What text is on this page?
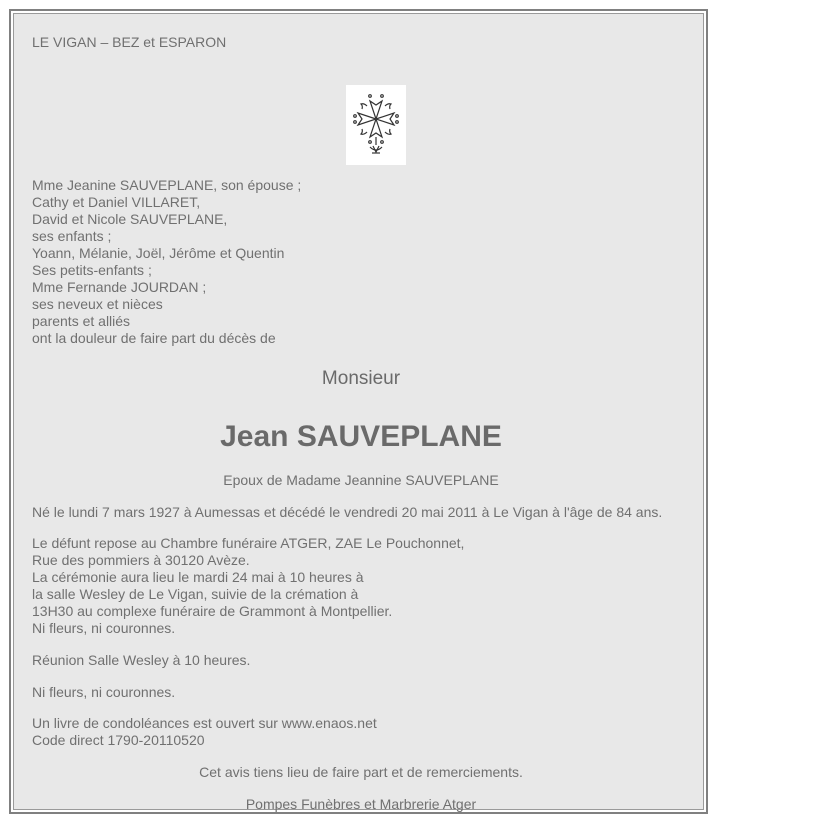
LE VIGAN – BEZ et ESPARON
Mme Jeanine SAUVEPLANE, son épouse ;
Cathy et Daniel VILLARET,
David et Nicole SAUVEPLANE,
ses enfants ;
Yoann, Mélanie, Joël, Jérôme et Quentin
Ses petits-enfants ;
Mme Fernande JOURDAN ;
ses neveux et nièces
parents et alliés
ont la douleur de faire part du décès de
Monsieur
Jean SAUVEPLANE
Epoux de Madame Jeannine SAUVEPLANE
Né le lundi 7 mars 1927 à Aumessas et décédé le vendredi 20 mai 2011 à Le Vigan à l'âge de 84 ans.
Le défunt repose au Chambre funéraire ATGER, ZAE Le Pouchonnet,
Rue des pommiers à 30120 Avèze.
La cérémonie aura lieu le mardi 24 mai à 10 heures à
la salle Wesley de Le Vigan, suivie de la crémation à
13H30 au complexe funéraire de Grammont à Montpellier.
Ni fleurs, ni couronnes.
Réunion Salle Wesley à 10 heures.
Ni fleurs, ni couronnes.
Un livre de condoléances est ouvert sur www.enaos.net
Code direct 1790-20110520
Cet avis tiens lieu de faire part et de remerciements.
Pompes Funèbres et Marbrerie Atger
